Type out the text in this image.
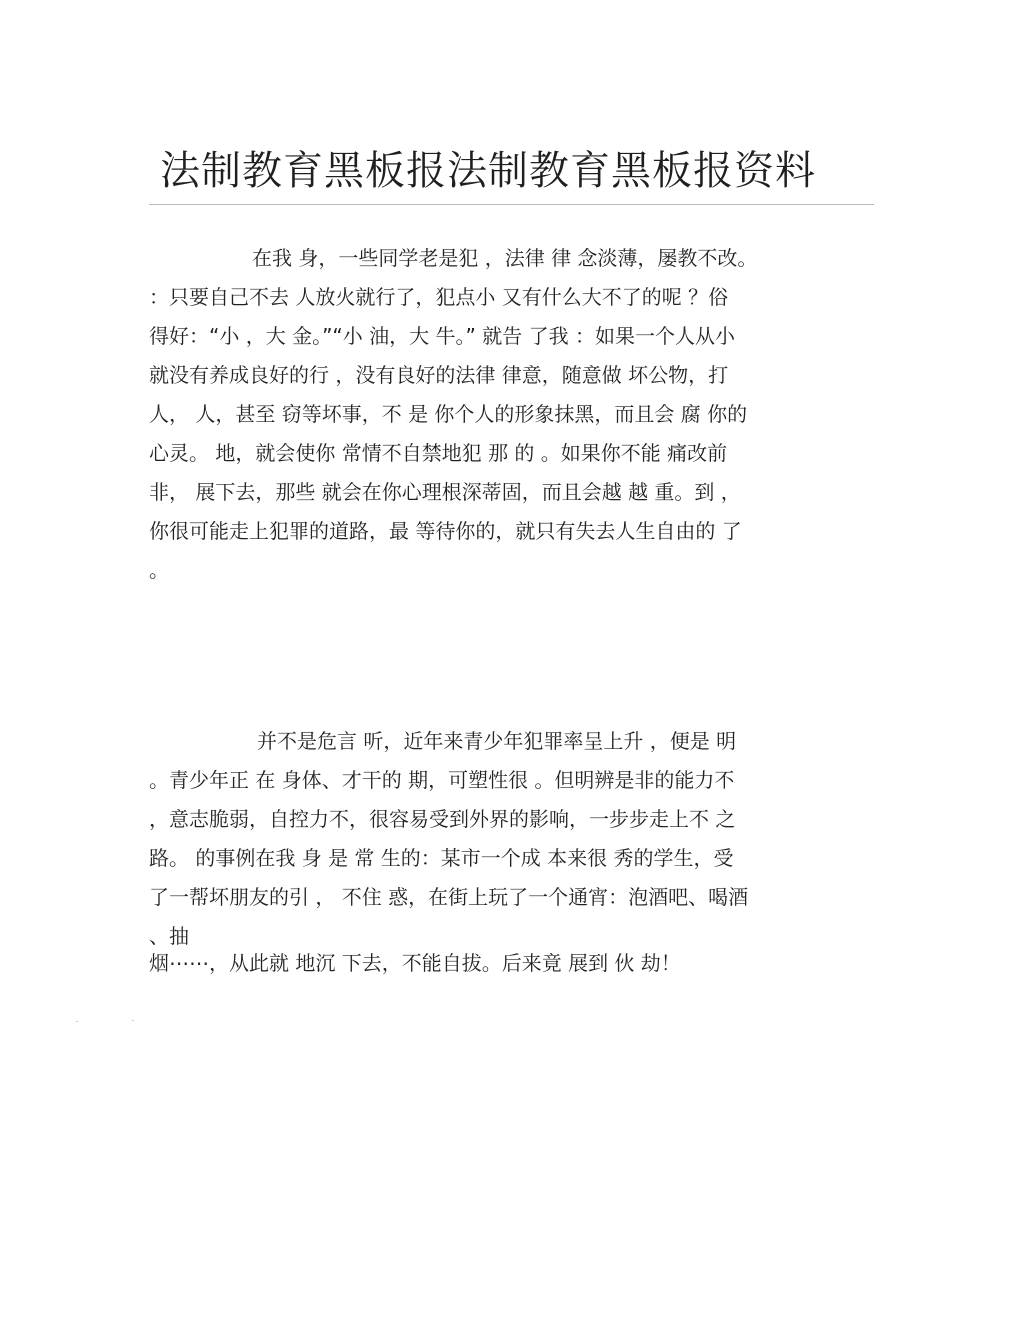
法制教育黑板报法制教育黑板报资料
在我 身，一些同学老是犯 ，法律 律 念淡薄，屡教不改。
：只要自己不去 人放火就行了，犯点小 又有什么大不了的呢 ？俗
得好：“小 ，大 金。”“小 油，大 牛。” 就告 了我 ：如果一个人从小
就没有养成良好的行 ，没有良好的法律 律意，随意做 坏公物，打
人， 人，甚至 窃等坏事，不 是 你个人的形象抹黑，而且会 腐 你的
心灵。 地，就会使你 常情不自禁地犯 那 的 。如果你不能 痛改前
非， 展下去，那些 就会在你心理根深蒂固，而且会越 越 重。到 ，
你很可能走上犯罪的道路，最 等待你的，就只有失去人生自由的 了
。
并不是危言 听，近年来青少年犯罪率呈上升 ，便是 明
。青少年正 在 身体、才干的 期，可塑性很 。但明辨是非的能力不
，意志脆弱，自控力不，很容易受到外界的影响，一步步走上不 之
路。 的事例在我 身 是 常 生的：某市一个成 本来很 秀的学生，受
了一帮坏朋友的引 ， 不住 惑，在街上玩了一个通宵：泡酒吧、喝酒
、抽
烟⋯⋯，从此就 地沉 下去，不能自拔。后来竟 展到 伙 劫！
